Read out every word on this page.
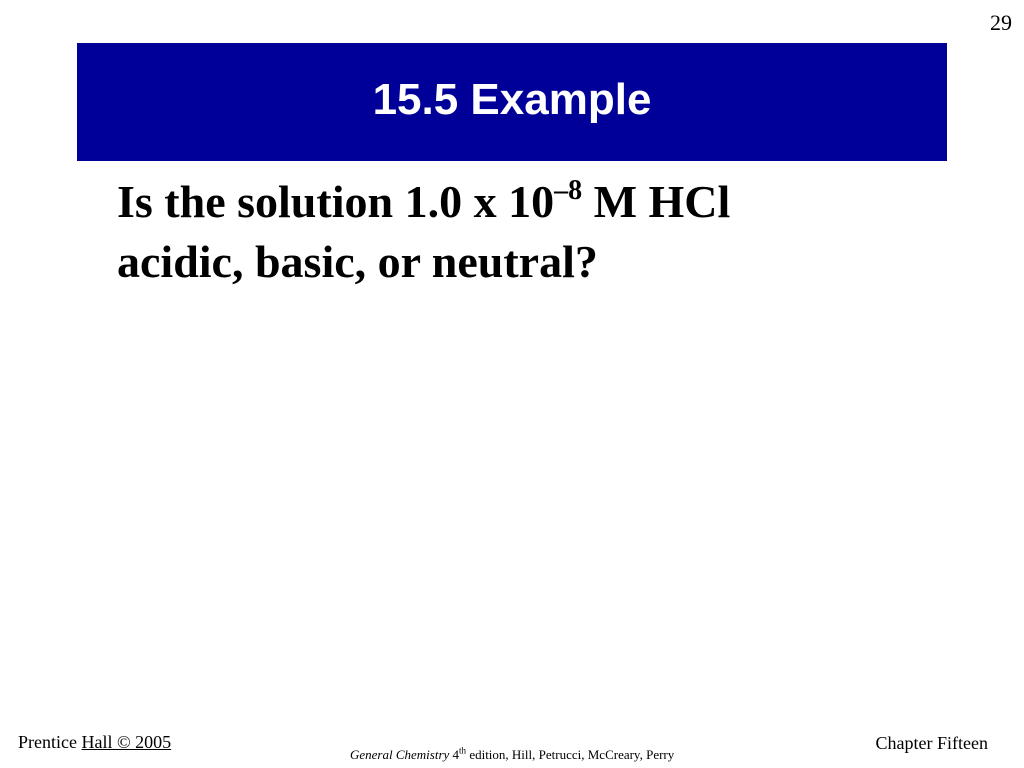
29
15.5 Example

Is the solution 1.0 x $10^{-8}$ M HCl
acidic, basic, or neutral?

Prentice Hall © 2005
General Chemistry 4th edition, Hill, Petrucci, McCreary, Perry
Chapter Fifteen
